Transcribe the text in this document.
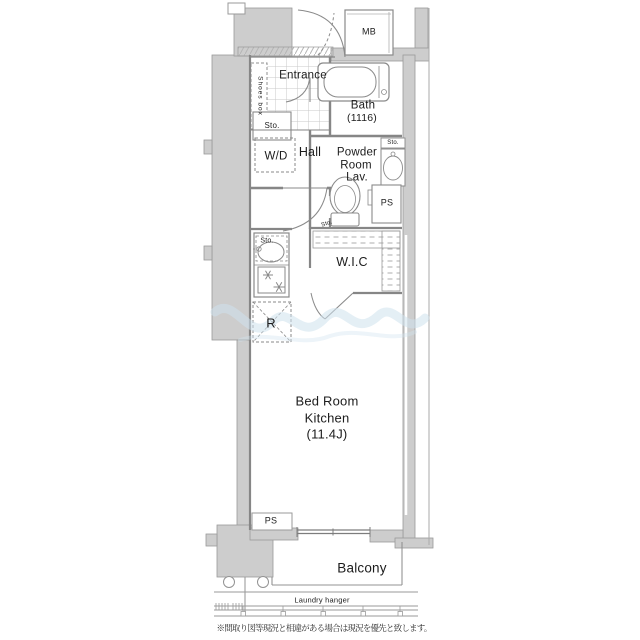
MB
Entrance
Shoes box
Sto.
Bath
(1116)
W/D Hall Powder
Room
Lav.
Sto.
Sto.
PS
W.I.C
Sto.
R
Bed Room
Kitchen
(11.4J)
PS
Balcony
Laundry hanger
※間取り図等現況と相違がある場合は現況を優先と致します。
